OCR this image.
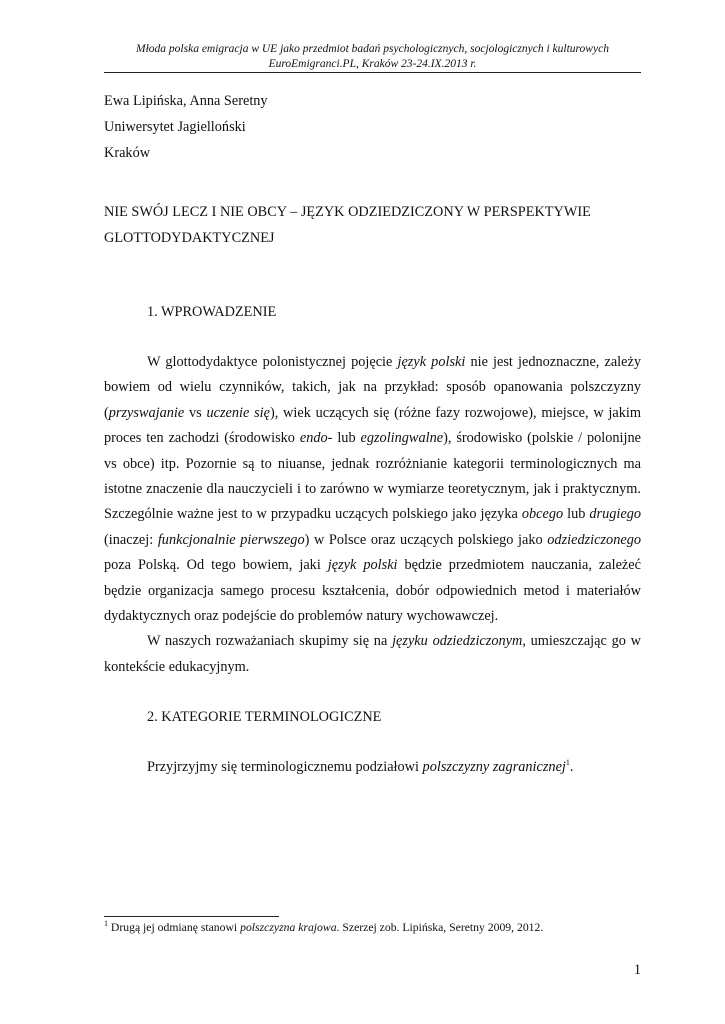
Młoda polska emigracja w UE jako przedmiot badań psychologicznych, socjologicznych i kulturowych
EuroEmigranci.PL, Kraków 23-24.IX.2013 r.

Ewa Lipińska, Anna Seretny

Uniwersytet Jagielloński

Kraków

NIE SWÓJ LECZ I NIE OBCY – JĘZYK ODZIEDZICZONY W PERSPEKTYWIE
GLOTTODYDAKTYCZNEJ

1. WPROWADZENIE

W glottodydaktyce polonistycznej pojęcie język polski nie jest jednoznaczne, zależy bowiem od wielu czynników, takich, jak na przykład: sposób opanowania polszczyzny (przyswajanie vs uczenie się), wiek uczących się (różne fazy rozwojowe), miejsce, w jakim proces ten zachodzi (środowisko endo- lub egzolingwalne), środowisko (polskie / polonijne vs obce) itp. Pozornie są to niuanse, jednak rozróżnianie kategorii terminologicznych ma istotne znaczenie dla nauczycieli i to zarówno w wymiarze teoretycznym, jak i praktycznym. Szczególnie ważne jest to w przypadku uczących polskiego jako języka obcego lub drugiego (inaczej: funkcjonalnie pierwszego) w Polsce oraz uczących polskiego jako odziedziczonego poza Polską. Od tego bowiem, jaki język polski będzie przedmiotem nauczania, zależeć będzie organizacja samego procesu kształcenia, dobór odpowiednich metod i materiałów dydaktycznych oraz podejście do problemów natury wychowawczej.

W naszych rozważaniach skupimy się na języku odziedziczonym, umieszczając go w kontekście edukacyjnym.

2. KATEGORIE TERMINOLOGICZNE

Przyjrzyjmy się terminologicznemu podziałowi polszczyzny zagranicznej$^1$.

$^1$ Drugą jej odmianę stanowi polszczyzna krajowa. Szerzej zob. Lipińska, Seretny 2009, 2012.
1
